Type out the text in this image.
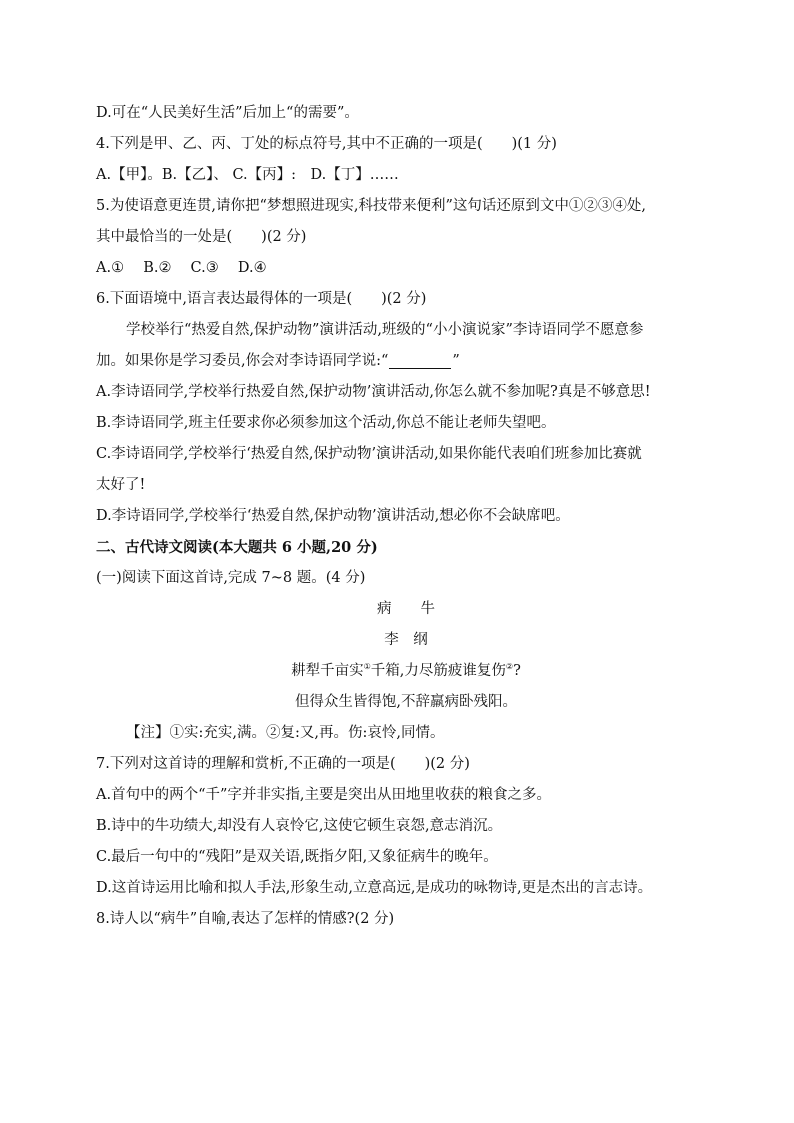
D.可在“人民美好生活”后加上“的需要”。
4.下列是甲、乙、丙、丁处的标点符号,其中不正确的一项是(　　)(1 分)
A.【甲】。B.【乙】、 C.【丙】:　D.【丁】……
5.为使语意更连贯,请你把“梦想照进现实,科技带来便利”这句话还原到文中①②③④处,
其中最恰当的一处是(　　)(2 分)
A.①　 B.②　 C.③　 D.④
6.下面语境中,语言表达最得体的一项是(　　)(2 分)
学校举行“热爱自然,保护动物”演讲活动,班级的“小小演说家”李诗语同学不愿意参
加。如果你是学习委员,你会对李诗语同学说:“	”
A.李诗语同学,学校举行热爱自然,保护动物’演讲活动,你怎么就不参加呢?真是不够意思!
B.李诗语同学,班主任要求你必须参加这个活动,你总不能让老师失望吧。
C.李诗语同学,学校举行‘热爱自然,保护动物’演讲活动,如果你能代表咱们班参加比赛就
太好了!
D.李诗语同学,学校举行‘热爱自然,保护动物’演讲活动,想必你不会缺席吧。
二、古代诗文阅读(本大题共 6 小题,20 分)
(一)阅读下面这首诗,完成 7~8 题。(4 分)
病　　牛
李　纲
耕犁千亩实①千箱,力尽筋疲谁复伤②?
但得众生皆得饱,不辞羸病卧残阳。
【注】①实:充实,满。②复:又,再。伤:哀怜,同情。
7.下列对这首诗的理解和赏析,不正确的一项是(　　)(2 分)
A.首句中的两个“千”字并非实指,主要是突出从田地里收获的粮食之多。
B.诗中的牛功绩大,却没有人哀怜它,这使它顿生哀怨,意志消沉。
C.最后一句中的“残阳”是双关语,既指夕阳,又象征病牛的晚年。
D.这首诗运用比喻和拟人手法,形象生动,立意高远,是成功的咏物诗,更是杰出的言志诗。
8.诗人以“病牛”自喻,表达了怎样的情感?(2 分)
